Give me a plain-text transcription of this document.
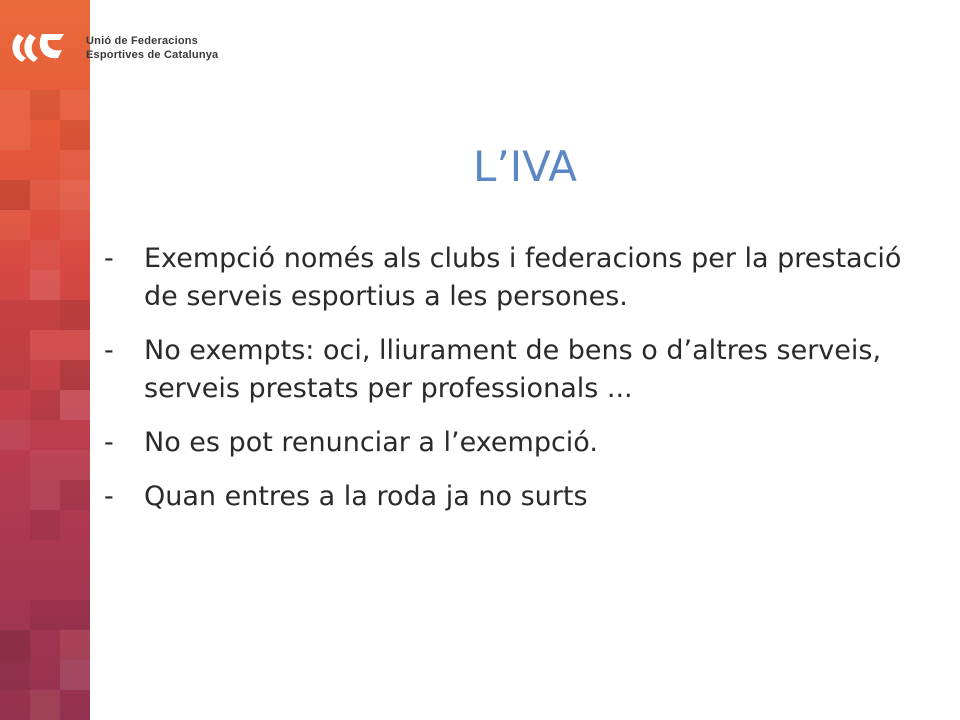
Unió de Federacions
Esportives de Catalunya
L’IVA
-	Exempció només als clubs i federacions per la prestació de serveis esportius a les persones.
-	No exempts: oci, lliurament de bens o d’altres serveis, serveis prestats per professionals ...
-	No es pot renunciar a l’exempció.
-	Quan entres a la roda ja no surts
